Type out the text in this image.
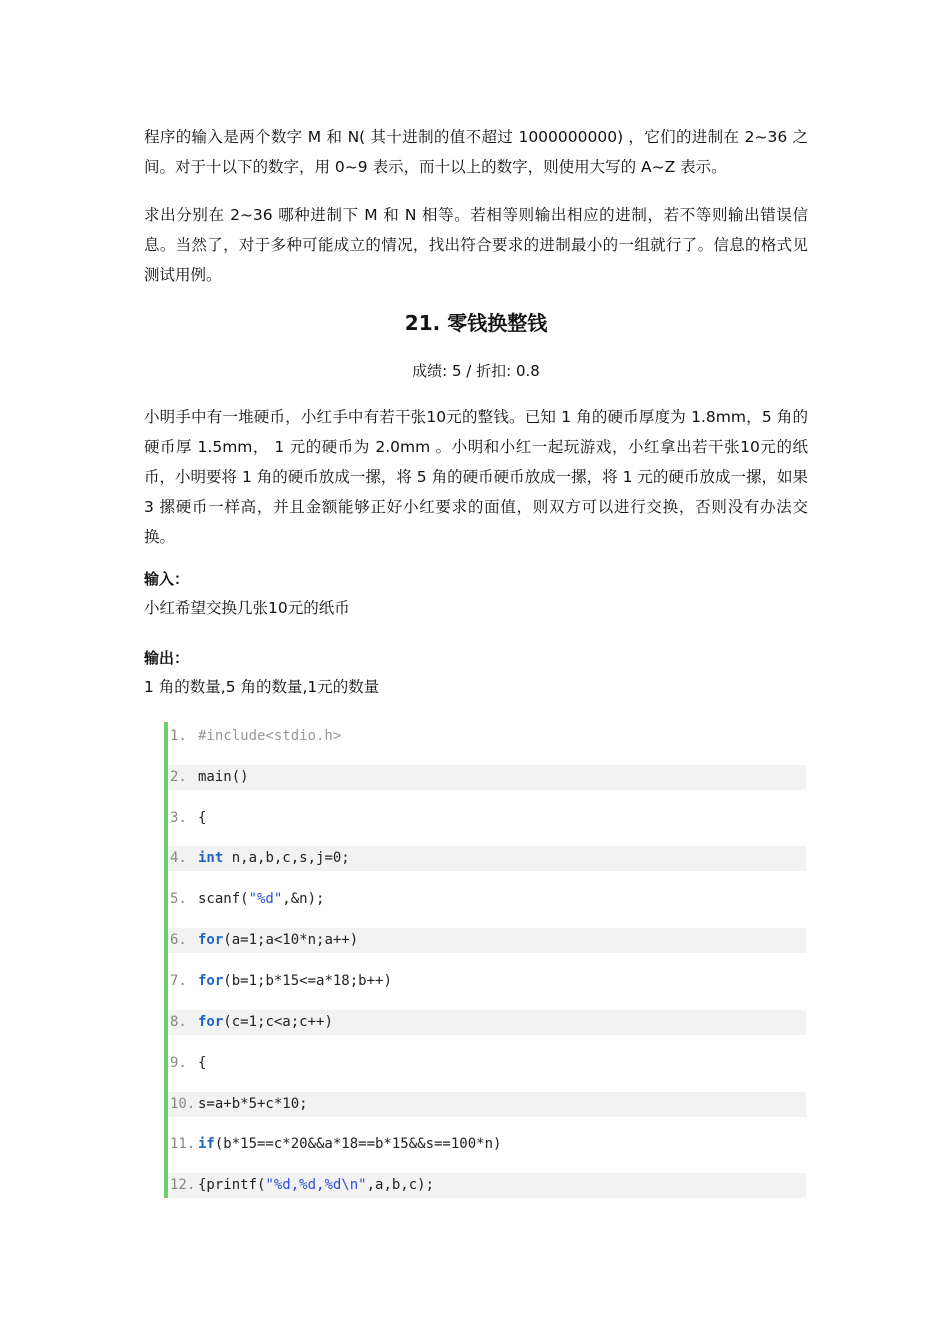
程序的输入是两个数字 M 和 N( 其十进制的值不超过 1000000000) ，它们的进制在 2~36 之间。对于十以下的数字，用 0~9 表示，而十以上的数字，则使用大写的 A~Z 表示。

求出分别在 2~36 哪种进制下 M 和 N 相等。若相等则输出相应的进制，若不等则输出错误信息。当然了，对于多种可能成立的情况，找出符合要求的进制最小的一组就行了。信息的格式见测试用例。

21. 零钱换整钱
成绩: 5 / 折扣: 0.8

小明手中有一堆硬币，小红手中有若干张10元的整钱。已知 1 角的硬币厚度为 1.8mm，5 角的硬币厚 1.5mm， 1 元的硬币为 2.0mm 。小明和小红一起玩游戏，小红拿出若干张10元的纸币，小明要将 1 角的硬币放成一摞，将 5 角的硬币硬币放成一摞，将 1 元的硬币放成一摞，如果 3 摞硬币一样高，并且金额能够正好小红要求的面值，则双方可以进行交换，否则没有办法交换。

输入：
小红希望交换几张10元的纸币
输出：
1 角的数量,5 角的数量,1元的数量
1. #include<stdio.h>
2. main()
3. {
4. int n,a,b,c,s,j=0;
5. scanf("%d",&n);
6. for(a=1;a<10*n;a++)
7. for(b=1;b*15<=a*18;b++)
8. for(c=1;c<a;c++)
9. {
10. s=a+b*5+c*10;
11. if(b*15==c*20&&a*18==b*15&&s==100*n)
12. {printf("%d,%d,%d\n",a,b,c);
